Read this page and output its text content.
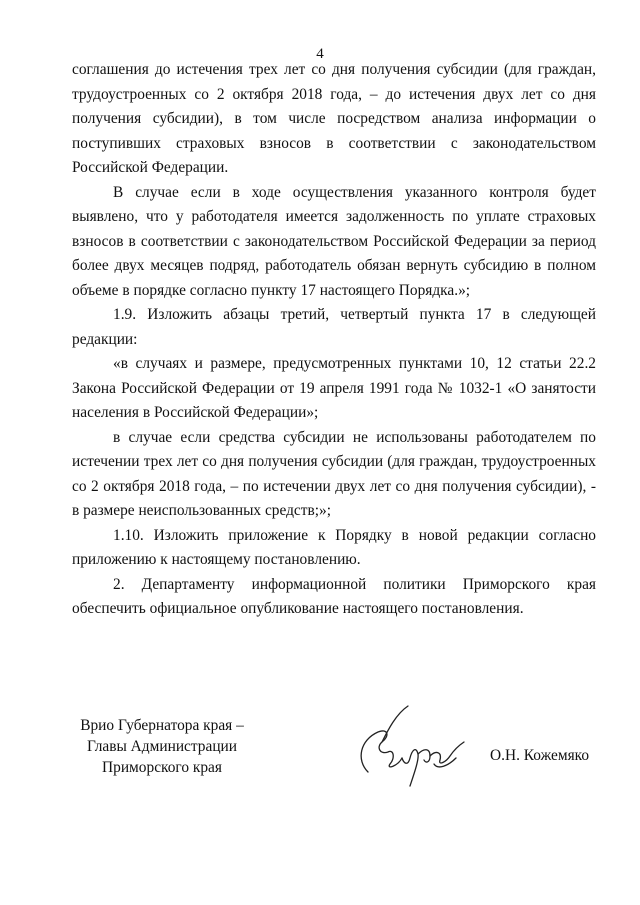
4

соглашения до истечения трех лет со дня получения субсидии (для граждан, трудоустроенных со 2 октября 2018 года, – до истечения двух лет со дня получения субсидии), в том числе посредством анализа информации о поступивших страховых взносов в соответствии с законодательством Российской Федерации.

В случае если в ходе осуществления указанного контроля будет выявлено, что у работодателя имеется задолженность по уплате страховых взносов в соответствии с законодательством Российской Федерации за период более двух месяцев подряд, работодатель обязан вернуть субсидию в полном объеме в порядке согласно пункту 17 настоящего Порядка.»;

1.9. Изложить абзацы третий, четвертый пункта 17 в следующей редакции:

«в случаях и размере, предусмотренных пунктами 10, 12 статьи 22.2 Закона Российской Федерации от 19 апреля 1991 года № 1032-1 «О занятости населения в Российской Федерации»;

в случае если средства субсидии не использованы работодателем по истечении трех лет со дня получения субсидии (для граждан, трудоустроенных со 2 октября 2018 года, – по истечении двух лет со дня получения субсидии), - в размере неиспользованных средств;»;

1.10. Изложить приложение к Порядку в новой редакции согласно приложению к настоящему постановлению.

2. Департаменту информационной политики Приморского края обеспечить официальное опубликование настоящего постановления.

Врио Губернатора края –
Главы Администрации
Приморского края
О.Н. Кожемяко
